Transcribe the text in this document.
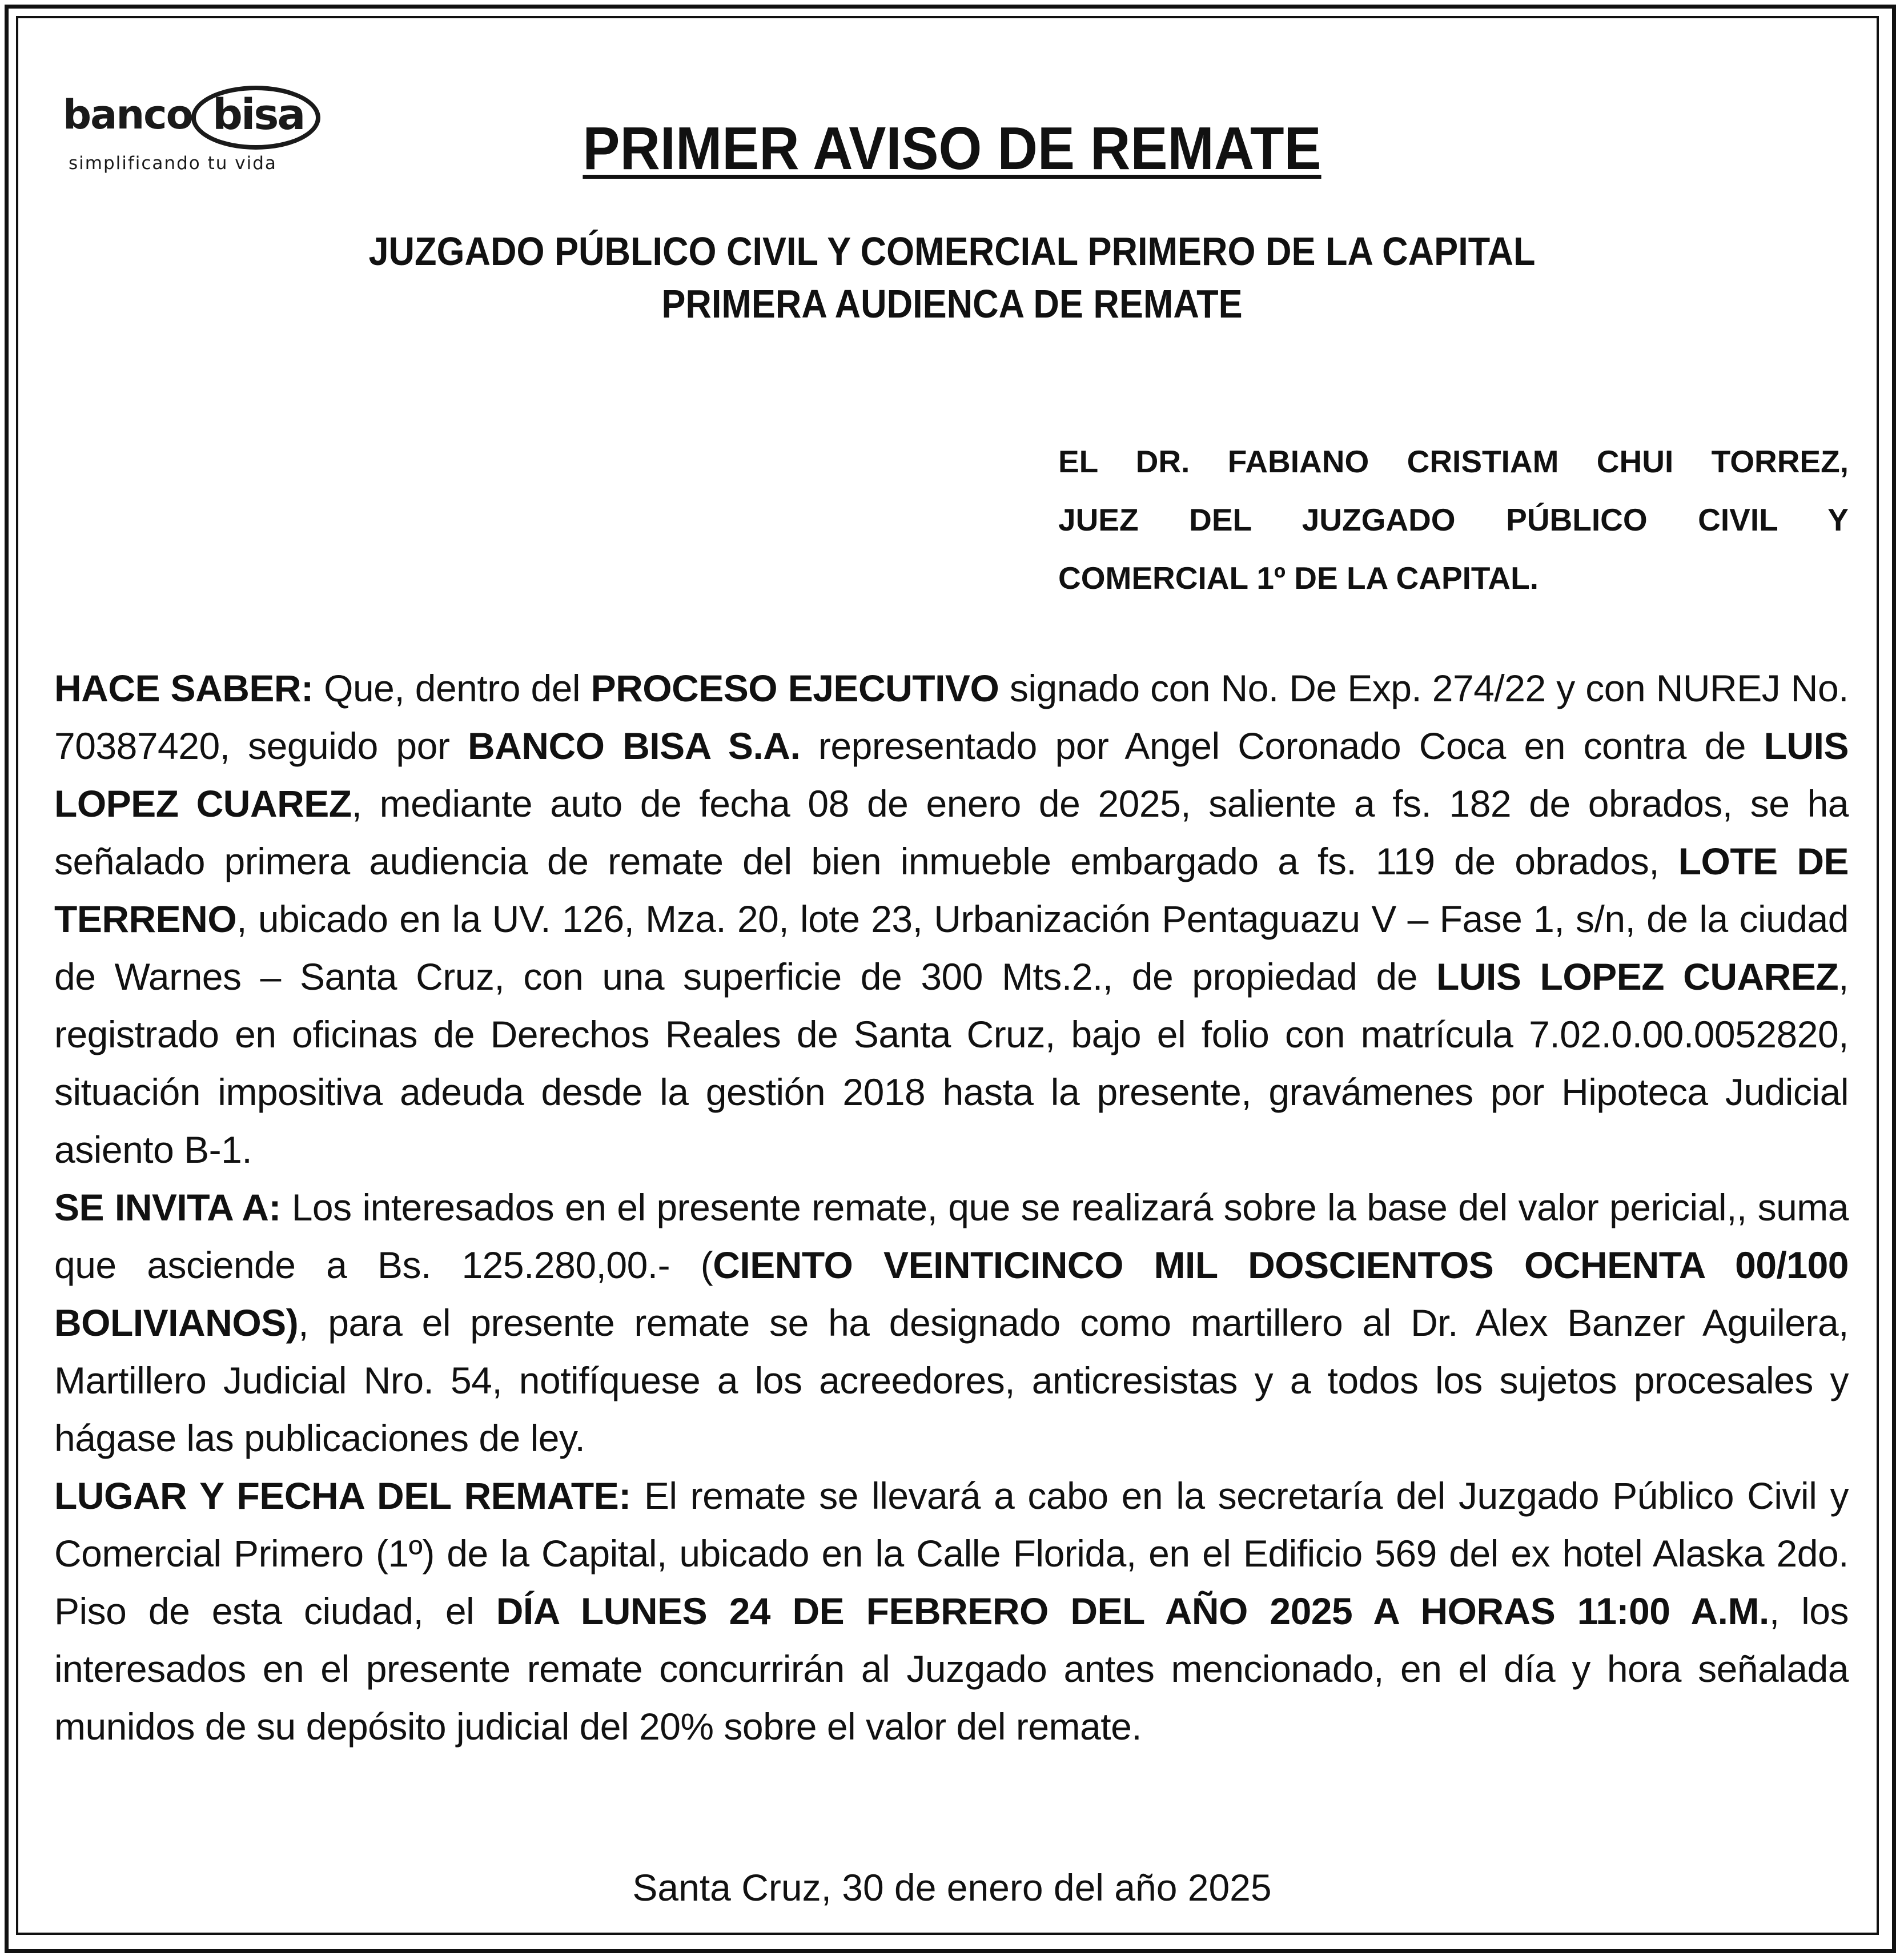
banco bisa
simplificando tu vida	PRIMER AVISO DE REMATE
JUZGADO PÚBLICO CIVIL Y COMERCIAL PRIMERO DE LA CAPITAL
PRIMERA AUDIENCA DE REMATE
EL DR. FABIANO CRISTIAM CHUI TORREZ,
JUEZ DEL JUZGADO PÚBLICO CIVIL Y
COMERCIAL 1º DE LA CAPITAL.

HACE SABER: Que, dentro del PROCESO EJECUTIVO signado con No. De Exp. 274/22 y con NUREJ No. 70387420, seguido por BANCO BISA S.A. representado por Angel Coronado Coca en contra de LUIS LOPEZ CUAREZ, mediante auto de fecha 08 de enero de 2025, saliente a fs. 182 de obrados, se ha señalado primera audiencia de remate del bien inmueble embargado a fs. 119 de obrados, LOTE DE TERRENO, ubicado en la UV. 126, Mza. 20, lote 23, Urbanización Pentaguazu V – Fase 1, s/n, de la ciudad de Warnes – Santa Cruz, con una superficie de 300 Mts.2., de propiedad de LUIS LOPEZ CUAREZ, registrado en oficinas de Derechos Reales de Santa Cruz, bajo el folio con matrícula 7.02.0.00.0052820, situación impositiva adeuda desde la gestión 2018 hasta la presente, gravámenes por Hipoteca Judicial asiento B-1.

SE INVITA A: Los interesados en el presente remate, que se realizará sobre la base del valor pericial,, suma que asciende a Bs. 125.280,00.- (CIENTO VEINTICINCO MIL DOSCIENTOS OCHENTA 00/100 BOLIVIANOS), para el presente remate se ha designado como martillero al Dr. Alex Banzer Aguilera, Martillero Judicial Nro. 54, notifíquese a los acreedores, anticresistas y a todos los sujetos procesales y hágase las publicaciones de ley.

LUGAR Y FECHA DEL REMATE: El remate se llevará a cabo en la secretaría del Juzgado Público Civil y Comercial Primero (1º) de la Capital, ubicado en la Calle Florida, en el Edificio 569 del ex hotel Alaska 2do. Piso de esta ciudad, el DÍA LUNES 24 DE FEBRERO DEL AÑO 2025 A HORAS 11:00 A.M., los interesados en el presente remate concurrirán al Juzgado antes mencionado, en el día y hora señalada munidos de su depósito judicial del 20% sobre el valor del remate.

Santa Cruz, 30 de enero del año 2025
